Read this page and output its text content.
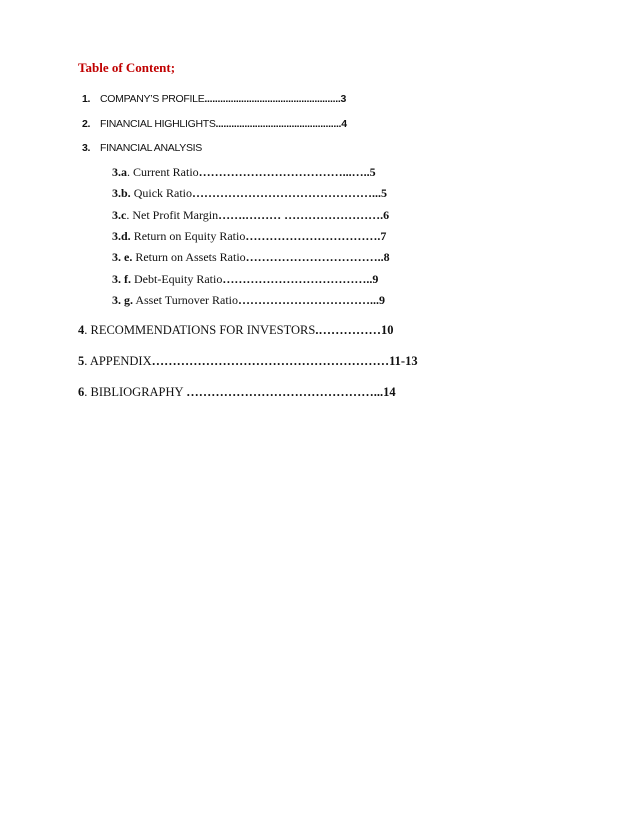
Table of Content;
1. COMPANY’S PROFILE....................................................3
2. FINANCIAL HIGHLIGHTS................................................4
3. FINANCIAL ANALYSIS
3.a. Current Ratio………………………………...…..5
3.b. Quick Ratio………………………………………...5
3.c. Net Profit Margin…….……… …………………….6
3.d. Return on Equity Ratio…………………………….7
3. e. Return on Assets Ratio……………………………..8
3. f. Debt-Equity Ratio………………………………..9
3. g. Asset Turnover Ratio……………………………...9
4. RECOMMENDATIONS FOR INVESTORS.……………10
5. APPENDIX…………………………………………………11-13
6. BIBLIOGRAPHY ………………………………………...14
